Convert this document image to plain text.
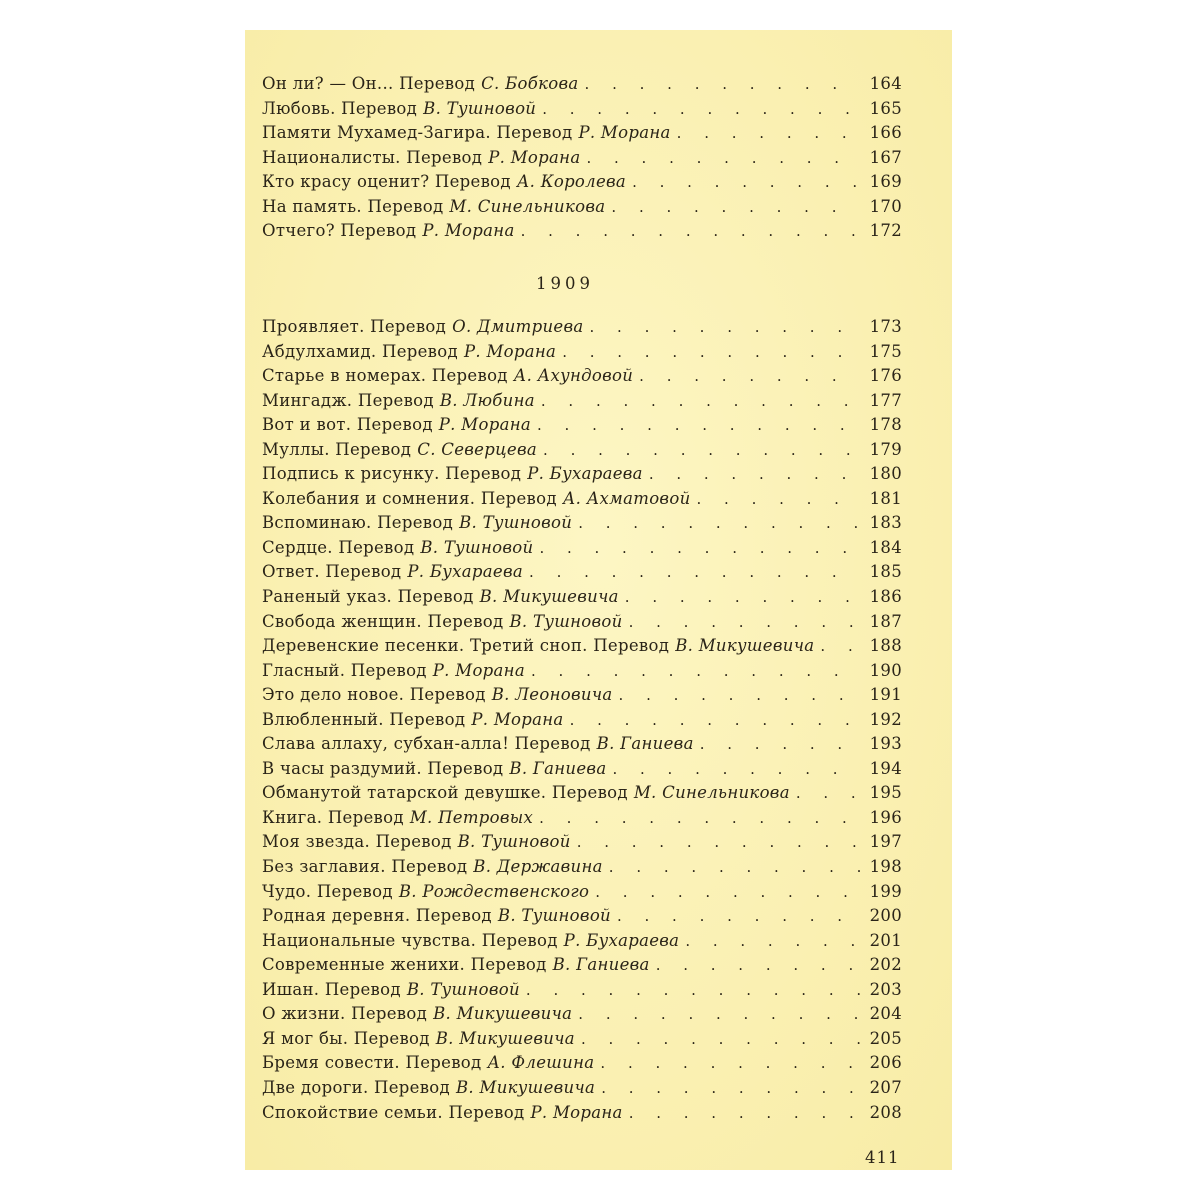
Он ли? — Он... Перевод С. Бобкова . . .	164
Любовь. Перевод В. Тушновой . . .	165
Памяти Мухамед-Загира. Перевод Р. Морана . . .	166
Националисты. Перевод Р. Морана . . .	167
Кто красу оценит? Перевод А. Королева . . .	169
На память. Перевод М. Синельникова . . .	170
Отчего? Перевод Р. Морана . . .	172
1909
Проявляет. Перевод О. Дмитриева . . .	173
Абдулхамид. Перевод Р. Морана . . .	175
Старье в номерах. Перевод А. Ахундовой . . .	176
Мингадж. Перевод В. Любина . . .	177
Вот и вот. Перевод Р. Морана . . .	178
Муллы. Перевод С. Северцева . . .	179
Подпись к рисунку. Перевод Р. Бухараева . . .	180
Колебания и сомнения. Перевод А. Ахматовой . . .	181
Вспоминаю. Перевод В. Тушновой . . .	183
Сердце. Перевод В. Тушновой . . .	184
Ответ. Перевод Р. Бухараева . . .	185
Раненый указ. Перевод В. Микушевича . . .	186
Свобода женщин. Перевод В. Тушновой . . .	187
Деревенские песенки. Третий сноп. Перевод В. Микушевича . . .	188
Гласный. Перевод Р. Морана . . .	190
Это дело новое. Перевод В. Леоновича . . .	191
Влюбленный. Перевод Р. Морана . . .	192
Слава аллаху, субхан-алла! Перевод В. Ганиева . . .	193
В часы раздумий. Перевод В. Ганиева . . .	194
Обманутой татарской девушке. Перевод М. Синельникова . . .	195
Книга. Перевод М. Петровых . . .	196
Моя звезда. Перевод В. Тушновой . . .	197
Без заглавия. Перевод В. Державина . . .	198
Чудо. Перевод В. Рождественского . . .	199
Родная деревня. Перевод В. Тушновой . . .	200
Национальные чувства. Перевод Р. Бухараева . . .	201
Современные женихи. Перевод В. Ганиева . . .	202
Ишан. Перевод В. Тушновой . . .	203
О жизни. Перевод В. Микушевича . . .	204
Я мог бы. Перевод В. Микушевича . . .	205
Бремя совести. Перевод А. Флешина . . .	206
Две дороги. Перевод В. Микушевича . . .	207
Спокойствие семьи. Перевод Р. Морана . . .	208
411
